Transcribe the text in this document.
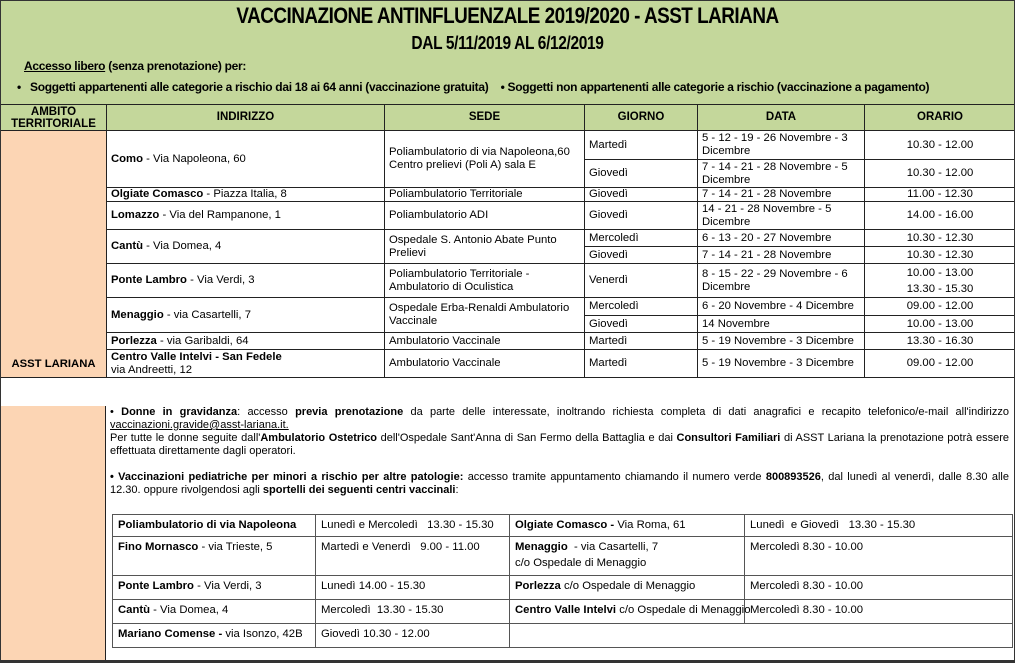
VACCINAZIONE ANTINFLUENZALE 2019/2020 - ASST LARIANA
DAL 5/11/2019 AL 6/12/2019
Accesso libero (senza prenotazione) per:
• Soggetti appartenenti alle categorie a rischio dai 18 ai 64 anni (vaccinazione gratuita) • Soggetti non appartenenti alle categorie a rischio (vaccinazione a pagamento)
AMBITO TERRITORIALE	INDIRIZZO	SEDE	GIORNO	DATA	ORARIO
ASST LARIANA	Como - Via Napoleona, 60	Poliambulatorio di via Napoleona,60 Centro prelievi (Poli A) sala E	Martedì	5 - 12 - 19 - 26 Novembre - 3 Dicembre	10.30 - 12.00
			Giovedì	7 - 14 - 21 - 28 Novembre - 5 Dicembre	10.30 - 12.00
	Olgiate Comasco - Piazza Italia, 8	Poliambulatorio Territoriale	Giovedì	7 - 14 - 21 - 28 Novembre	11.00 - 12.30
	Lomazzo - Via del Rampanone, 1	Poliambulatorio ADI	Giovedì	14 - 21 - 28 Novembre - 5 Dicembre	14.00 - 16.00
	Cantù - Via Domea, 4	Ospedale S. Antonio Abate Punto Prelievi	Mercoledì	6 - 13 - 20 - 27 Novembre	10.30 - 12.30
			Giovedì	7 - 14 - 21 - 28 Novembre	10.30 - 12.30
	Ponte Lambro - Via Verdi, 3	Poliambulatorio Territoriale - Ambulatorio di Oculistica	Venerdì	8 - 15 - 22 - 29 Novembre - 6 Dicembre	10.00 - 13.00
13.30 - 15.30

	Menaggio - via Casartelli, 7	Ospedale Erba-Renaldi Ambulatorio Vaccinale	Mercoledì	6 - 20 Novembre - 4 Dicembre	09.00 - 12.00
			Giovedì	14 Novembre	10.00 - 13.00
	Porlezza - via Garibaldi, 64	Ambulatorio Vaccinale	Martedì	5 - 19 Novembre - 3 Dicembre	13.30 - 16.30
	Centro Valle Intelvi - San Fedele
via Andreetti, 12	Ambulatorio Vaccinale	Martedì	5 - 19 Novembre - 3 Dicembre	09.00 - 12.00

• Donne in gravidanza: accesso previa prenotazione da parte delle interessate, inoltrando richiesta completa di dati anagrafici e recapito telefonico/e-mail all'indirizzo vaccinazioni.gravide@asst-lariana.it.

Per tutte le donne seguite dall'Ambulatorio Ostetrico dell'Ospedale Sant'Anna di San Fermo della Battaglia e dai Consultori Familiari di ASST Lariana la prenotazione potrà essere effettuata direttamente dagli operatori.

• Vaccinazioni pediatriche per minori a rischio per altre patologie: accesso tramite appuntamento chiamando il numero verde 800893526, dal lunedì al venerdì, dalle 8.30 alle 12.30. oppure rivolgendosi agli sportelli dei seguenti centri vaccinali:

Poliambulatorio di via Napoleona	Lunedì e Mercoledì   13.30 - 15.30	Olgiate Comasco - Via Roma, 61	Lunedì  e Giovedì   13.30 - 15.30
Fino Mornasco - via Trieste, 5	Martedì e Venerdì   9.00 - 11.00	Menaggio  - via Casartelli, 7
c/o Ospedale di Menaggio	Mercoledì 8.30 - 10.00
Ponte Lambro - Via Verdi, 3	Lunedì 14.00 - 15.30	Porlezza c/o Ospedale di Menaggio	Mercoledì 8.30 - 10.00
Cantù - Via Domea, 4	Mercoledì  13.30 - 15.30	Centro Valle Intelvi c/o Ospedale di Menaggio	Mercoledì 8.30 - 10.00
Mariano Comense - via Isonzo, 42B	Giovedì 10.30 - 12.00		
